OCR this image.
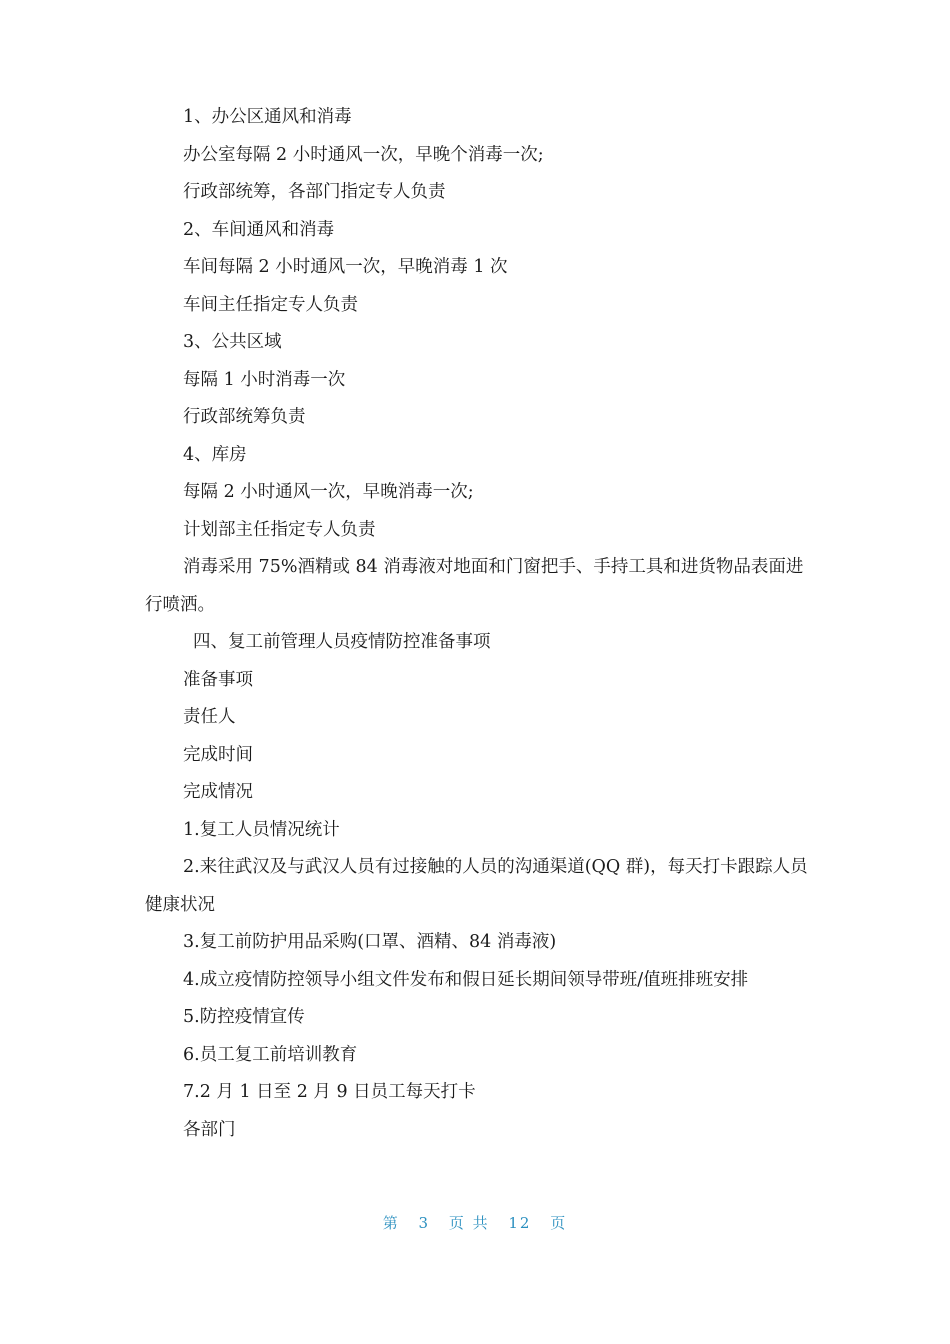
1、办公区通风和消毒

办公室每隔 2 小时通风一次，早晚个消毒一次;

行政部统筹，各部门指定专人负责

2、车间通风和消毒

车间每隔 2 小时通风一次，早晚消毒 1 次

车间主任指定专人负责

3、公共区域

每隔 1 小时消毒一次

行政部统筹负责

4、库房

每隔 2 小时通风一次，早晚消毒一次;

计划部主任指定专人负责

消毒采用 75%酒精或 84 消毒液对地面和门窗把手、手持工具和进货物品表面进行喷洒。

四、复工前管理人员疫情防控准备事项

准备事项

责任人

完成时间

完成情况

1.复工人员情况统计

2.来往武汉及与武汉人员有过接触的人员的沟通渠道(QQ 群)，每天打卡跟踪人员健康状况

3.复工前防护用品采购(口罩、酒精、84 消毒液)

4.成立疫情防控领导小组文件发布和假日延长期间领导带班/值班排班安排

5.防控疫情宣传

6.员工复工前培训教育

7.2 月 1 日至 2 月 9 日员工每天打卡

各部门

第 3 页 共 12 页
